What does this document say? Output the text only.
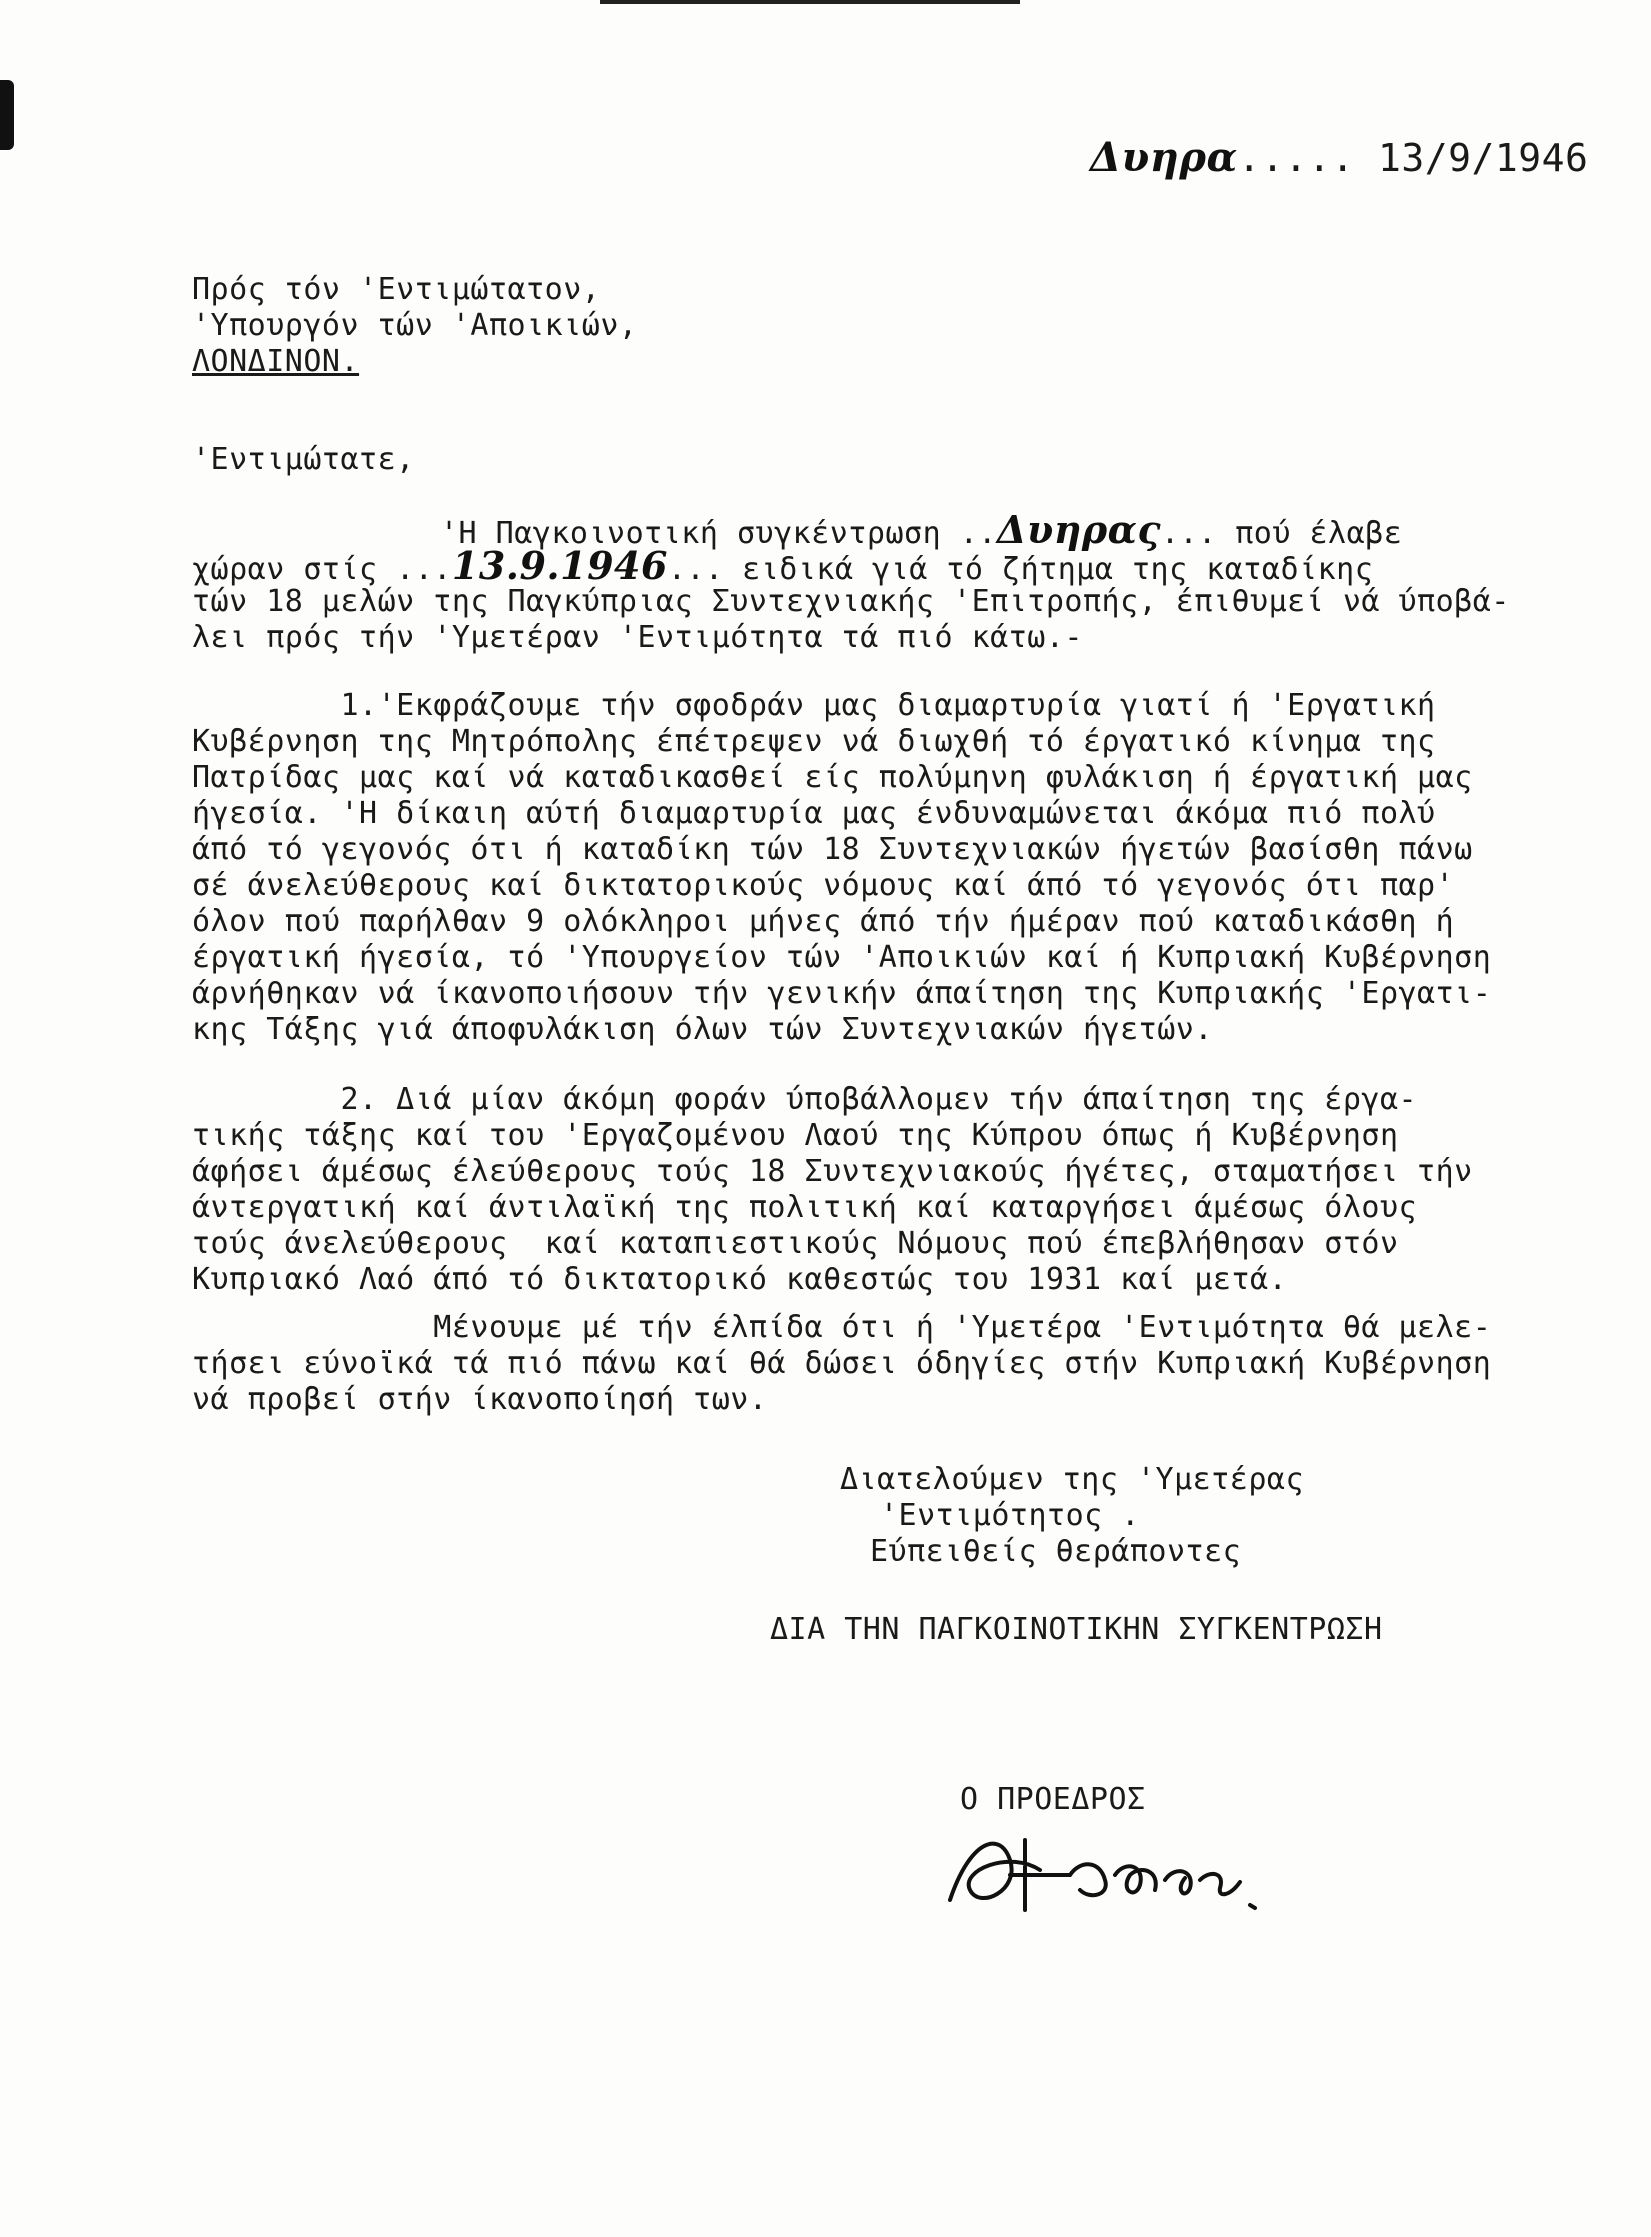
Δυηρα..... 13/9/1946
Πρός τόν 'Εντιμώτατον,
'Υπουργόν τών 'Αποικιών,
ΛΟΝΔΙΝΟΝ.
'Εντιμώτατε,
'Η Παγκοινοτική συγκέντρωση ..Δυηρας... πού έλαβε
χώραν στίς ...13.9.1946... ειδικά γιά τό ζήτημα της καταδίκης
τών 18 μελών της Παγκύπριας Συντεχνιακής 'Επιτροπής, έπιθυμεί νά ύποβά-
λει πρός τήν 'Υμετέραν 'Εντιμότητα τά πιό κάτω.-
1.'Εκφράζουμε τήν σφοδράν μας διαμαρτυρία γιατί ή 'Εργατική
Κυβέρνηση της Μητρόπολης έπέτρεψεν νά διωχθή τό έργατικό κίνημα της
Πατρίδας μας καί νά καταδικασθεί είς πολύμηνη φυλάκιση ή έργατική μας
ήγεσία. 'Η δίκαιη αύτή διαμαρτυρία μας ένδυναμώνεται άκόμα πιό πολύ
άπό τό γεγονός ότι ή καταδίκη τών 18 Συντεχνιακών ήγετών βασίσθη πάνω
σέ άνελεύθερους καί δικτατορικούς νόμους καί άπό τό γεγονός ότι παρ'
όλον πού παρήλθαν 9 ολόκληροι μήνες άπό τήν ήμέραν πού καταδικάσθη ή
έργατική ήγεσία, τό 'Υπουργείον τών 'Αποικιών καί ή Κυπριακή Κυβέρνηση
άρνήθηκαν νά ίκανοποιήσουν τήν γενικήν άπαίτηση της Κυπριακής 'Εργατι-
κης Τάξης γιά άποφυλάκιση όλων τών Συντεχνιακών ήγετών.
2. Διά μίαν άκόμη φοράν ύποβάλλομεν τήν άπαίτηση της έργα-
τικής τάξης καί του 'Εργαζομένου Λαού της Κύπρου όπως ή Κυβέρνηση
άφήσει άμέσως έλεύθερους τούς 18 Συντεχνιακούς ήγέτες, σταματήσει τήν
άντεργατική καί άντιλαϊκή της πολιτική καί καταργήσει άμέσως όλους
τούς άνελεύθερους  καί καταπιεστικούς Νόμους πού έπεβλήθησαν στόν
Κυπριακό Λαό άπό τό δικτατορικό καθεστώς του 1931 καί μετά.
Μένουμε μέ τήν έλπίδα ότι ή 'Υμετέρα 'Εντιμότητα θά μελε-
τήσει εύνοϊκά τά πιό πάνω καί θά δώσει όδηγίες στήν Κυπριακή Κυβέρνηση
νά προβεί στήν ίκανοποίησή των.
Διατελούμεν της 'Υμετέρας
'Εντιμότητος .
Εύπειθείς θεράποντες
ΔΙΑ ΤΗΝ ΠΑΓΚΟΙΝΟΤΙΚΗΝ ΣΥΓΚΕΝΤΡΩΣΗ
Ο ΠΡΟΕΔΡΟΣ
